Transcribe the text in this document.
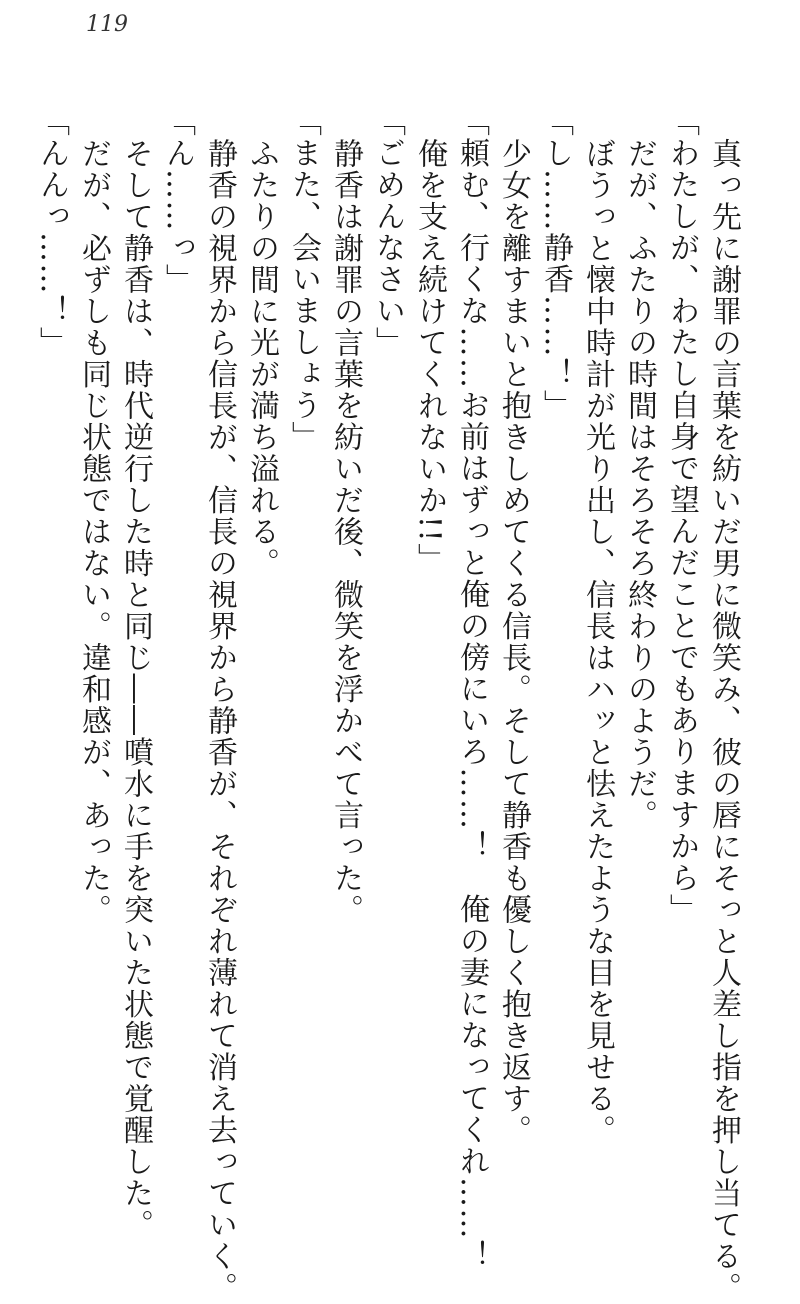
119
真っ先に謝罪の言葉を紡いだ男に微笑み、彼の唇にそっと人差し指を押し当てる。
「わたしが、わたし自身で望んだことでもありますから」
だが、ふたりの時間はそろそろ終わりのようだ。
ぼうっと懐中時計が光り出し、信長はハッと怯えたような目を見せる。
「し……静香……！」
少女を離すまいと抱きしめてくる信長。そして静香も優しく抱き返す。
「頼む、行くな……お前はずっと俺の傍にいろ……！　俺の妻になってくれ……！
俺を支え続けてくれないか!!」
「ごめんなさい」
静香は謝罪の言葉を紡いだ後、微笑を浮かべて言った。
「また、会いましょう」
ふたりの間に光が満ち溢れる。
静香の視界から信長が、信長の視界から静香が、それぞれ薄れて消え去っていく。
「ん……っ」
そして静香は、時代逆行した時と同じ――噴水に手を突いた状態で覚醒した。
だが、必ずしも同じ状態ではない。違和感が、あった。
「んんっ……！」
